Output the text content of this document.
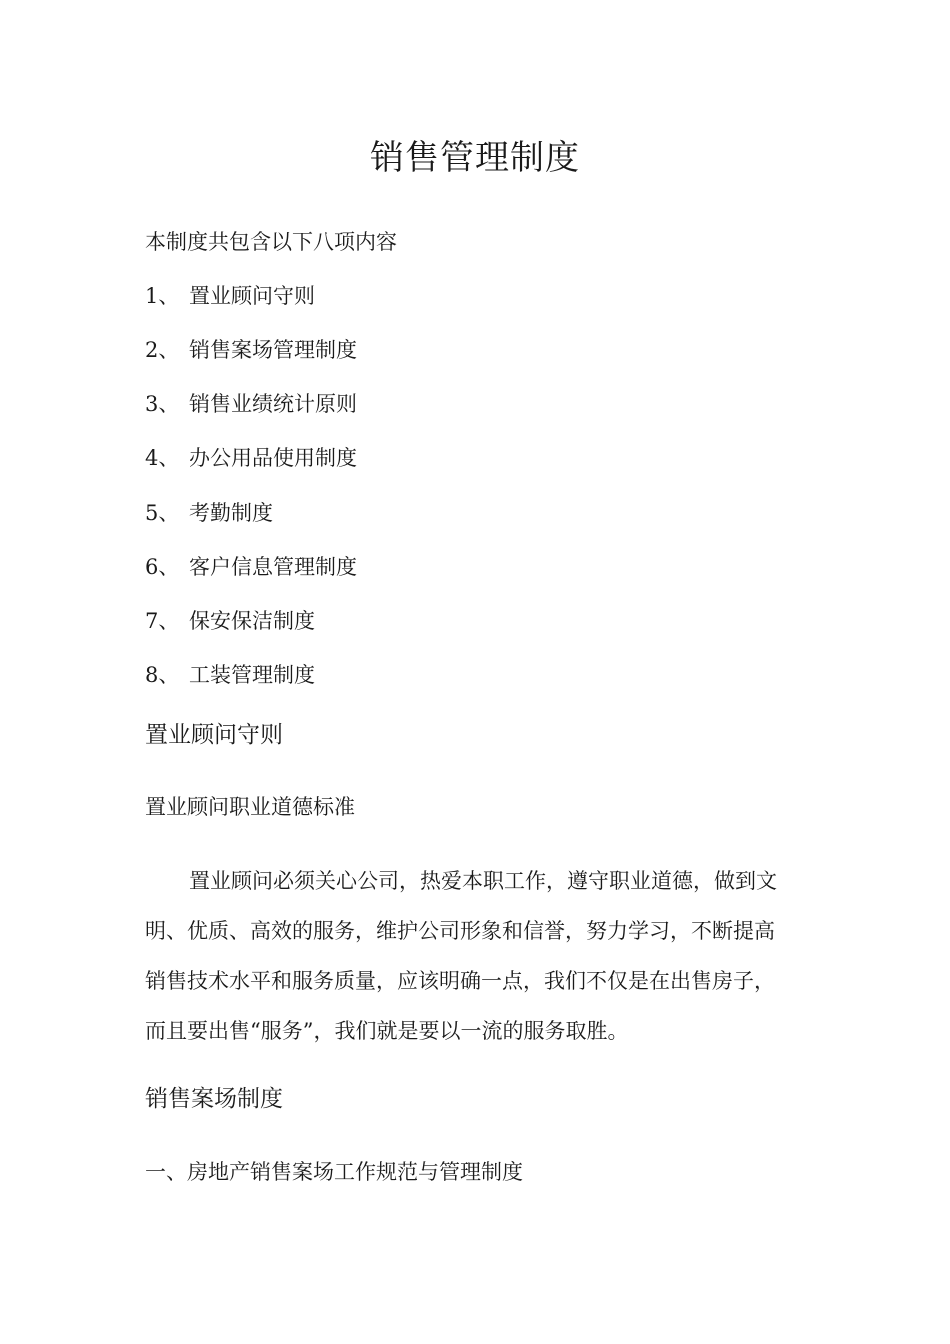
销售管理制度
本制度共包含以下八项内容
1、 置业顾问守则
2、 销售案场管理制度
3、 销售业绩统计原则
4、 办公用品使用制度
5、 考勤制度
6、 客户信息管理制度
7、 保安保洁制度
8、 工装管理制度
置业顾问守则
置业顾问职业道德标准
置业顾问必须关心公司，热爱本职工作，遵守职业道德，做到文
明、优质、高效的服务，维护公司形象和信誉，努力学习，不断提高
销售技术水平和服务质量，应该明确一点，我们不仅是在出售房子，
而且要出售“服务”，我们就是要以一流的服务取胜。
销售案场制度
一、房地产销售案场工作规范与管理制度
